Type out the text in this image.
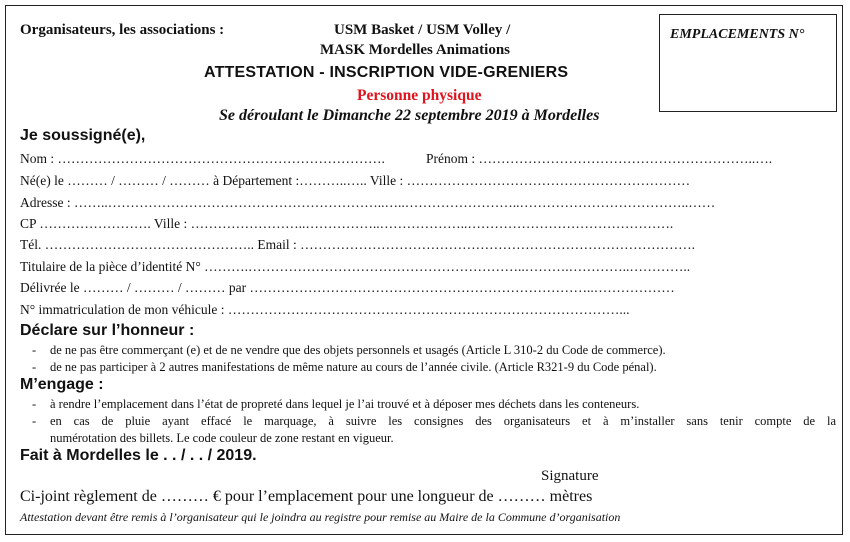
Organisateurs, les associations :	USM Basket / USM Volley /
MASK Mordelles Animations
ATTESTATION - INSCRIPTION VIDE-GRENIERS
Personne physique
Se déroulant le Dimanche 22 septembre 2019 à Mordelles
EMPLACEMENTS N°
Je soussigné(e),
Nom : ……………………………………………………………….	Prénom : ……………………………………………………..….
Né(e) le ……… / ……… / ……… à Département :………..….. Ville : ………………………………………………………
Adresse : ……..……………………………………………………..…..……………………..………………………………..……
CP ……………………. Ville : ……………………..……………..………………..……………………………………….
Tél. ……………………………………….. Email : …………………………………………………………………………….
Titulaire de la pièce d’identité N° ……….……………………………………………………..……….…………..…………..
Délivrée le ……… / ……… / ……… par …………………………………………………………………..………………
N° immatriculation de mon véhicule : ……………………………………………………………………………...
Déclare sur l’honneur :
- de ne pas être commerçant (e) et de ne vendre que des objets personnels et usagés (Article L 310-2 du Code de commerce).
- de ne pas participer à 2 autres manifestations de même nature au cours de l’année civile. (Article R321-9 du Code pénal).
M’engage :
- à rendre l’emplacement dans l’état de propreté dans lequel je l’ai trouvé et à déposer mes déchets dans les conteneurs.
- en cas de pluie ayant effacé le marquage, à suivre les consignes des organisateurs et à m’installer sans tenir compte de la
numérotation des billets. Le code couleur de zone restant en vigueur.
Fait à Mordelles le . . / . . / 2019.
Signature
Ci-joint règlement de ……… € pour l’emplacement pour une longueur de ……… mètres
Attestation devant être remis à l’organisateur qui le joindra au registre pour remise au Maire de la Commune d’organisation
